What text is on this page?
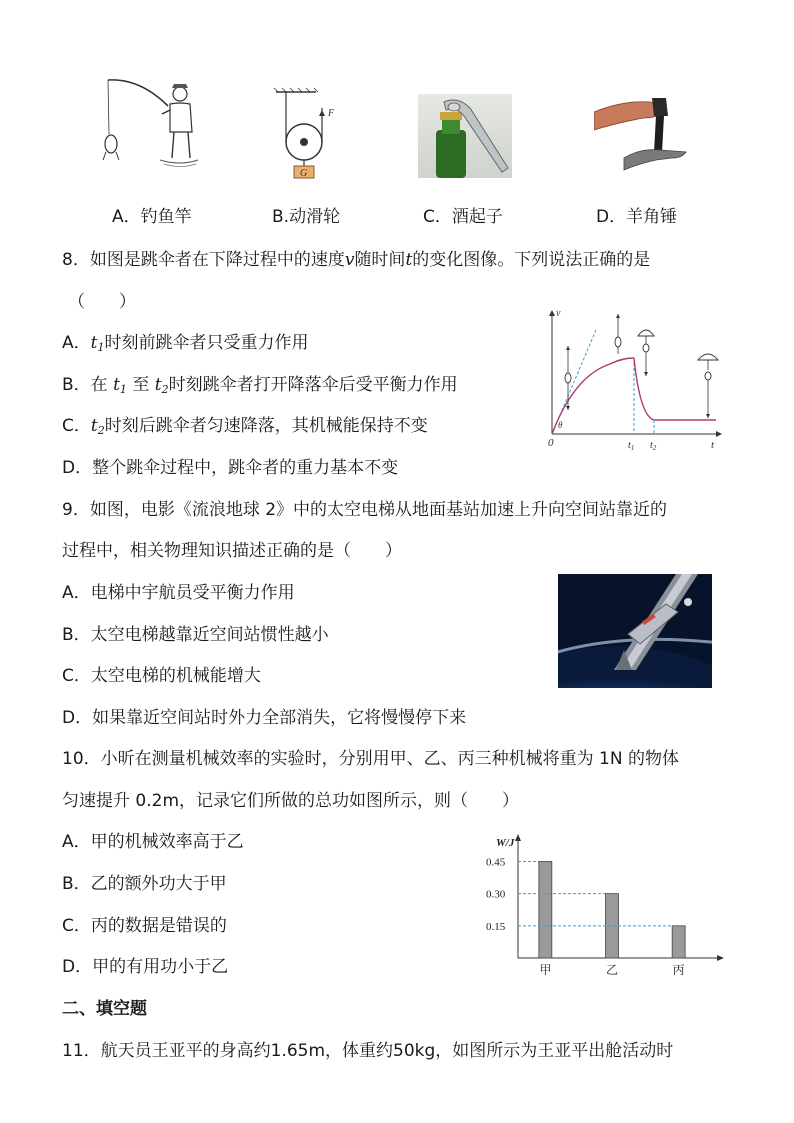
F
G
A．钓鱼竿	B.动滑轮	C．酒起子	D．羊角锤
8．如图是跳伞者在下降过程中的速度v随时间t的变化图像。下列说法正确的是
（　　）
A．$t_1$时刻前跳伞者只受重力作用
B．在 $t_1$ 至 $t_2$时刻跳伞者打开降落伞后受平衡力作用
C．$t_2$时刻后跳伞者匀速降落，其机械能保持不变
D．整个跳伞过程中，跳伞者的重力基本不变
v
t
0
θ
$t_1$ $t_2$
9．如图，电影《流浪地球 2》中的太空电梯从地面基站加速上升向空间站靠近的
过程中，相关物理知识描述正确的是（　　）
A．电梯中宇航员受平衡力作用
B．太空电梯越靠近空间站惯性越小
C．太空电梯的机械能增大
D．如果靠近空间站时外力全部消失，它将慢慢停下来
10．小昕在测量机械效率的实验时，分别用甲、乙、丙三种机械将重为 1N 的物体
匀速提升 0.2m，记录它们所做的总功如图所示，则（　　）
A．甲的机械效率高于乙
B．乙的额外功大于甲
C．丙的数据是错误的
D．甲的有用功小于乙
W/J
0.15
0.30
0.45
甲	乙	丙
二、填空题
11．航天员王亚平的身高约1.65m，体重约50kg，如图所示为王亚平出舱活动时
